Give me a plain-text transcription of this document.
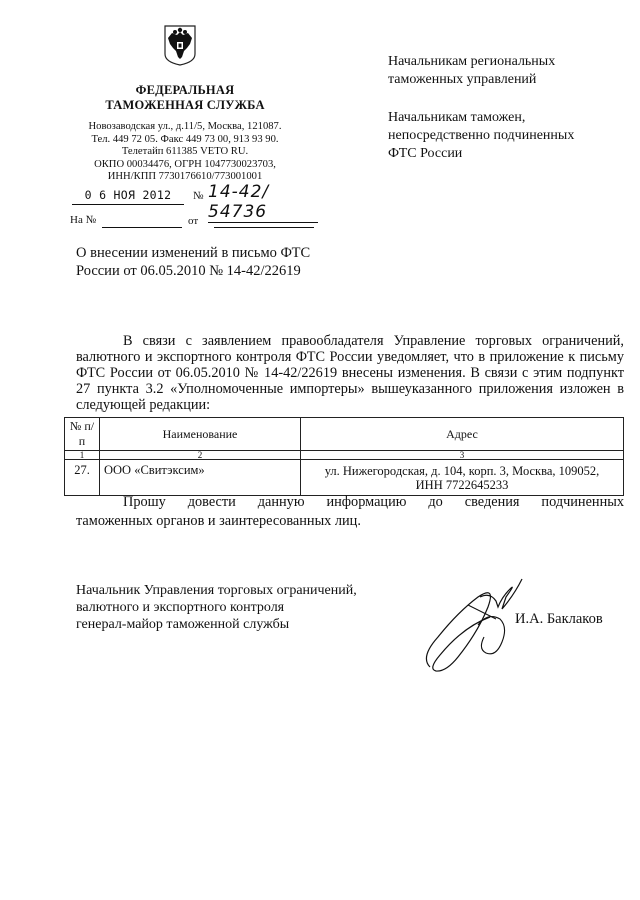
ФЕДЕРАЛЬНАЯ
ТАМОЖЕННАЯ СЛУЖБА
Новозаводская ул., д.11/5, Москва, 121087.
Тел. 449 72 05. Факс 449 73 00, 913 93 90.
Телетайп 611385 VETO RU.
ОКПО 00034476, ОГРН 1047730023703,
ИНН/КПП 7730176610/773001001
0 6 НОЯ 2012	№ 14-42/ 54736
На №	от
Начальникам региональных
таможенных управлений
Начальникам таможен,
непосредственно подчиненных
ФТС России
О внесении изменений в письмо ФТС
России от 06.05.2010 № 14-42/22619
В связи с заявлением правообладателя Управление торговых ограничений, валютного и экспортного контроля ФТС России уведомляет, что в приложение к письму ФТС России от 06.05.2010 № 14-42/22619 внесены изменения. В связи с этим подпункт 27 пункта 3.2 «Уполномоченные импортеры» вышеуказанного приложения изложен в следующей редакции:
№ п/п	Наименование	Адрес
1	2	3
27.	ООО «Свитэксим»	ул. Нижегородская, д. 104, корп. 3, Москва, 109052,
ИНН 7722645233
Прошу довести данную информацию до сведения подчиненных
таможенных органов и заинтересованных лиц.
Начальник Управления торговых ограничений,
валютного и экспортного контроля
генерал-майор таможенной службы	И.А. Баклаков
